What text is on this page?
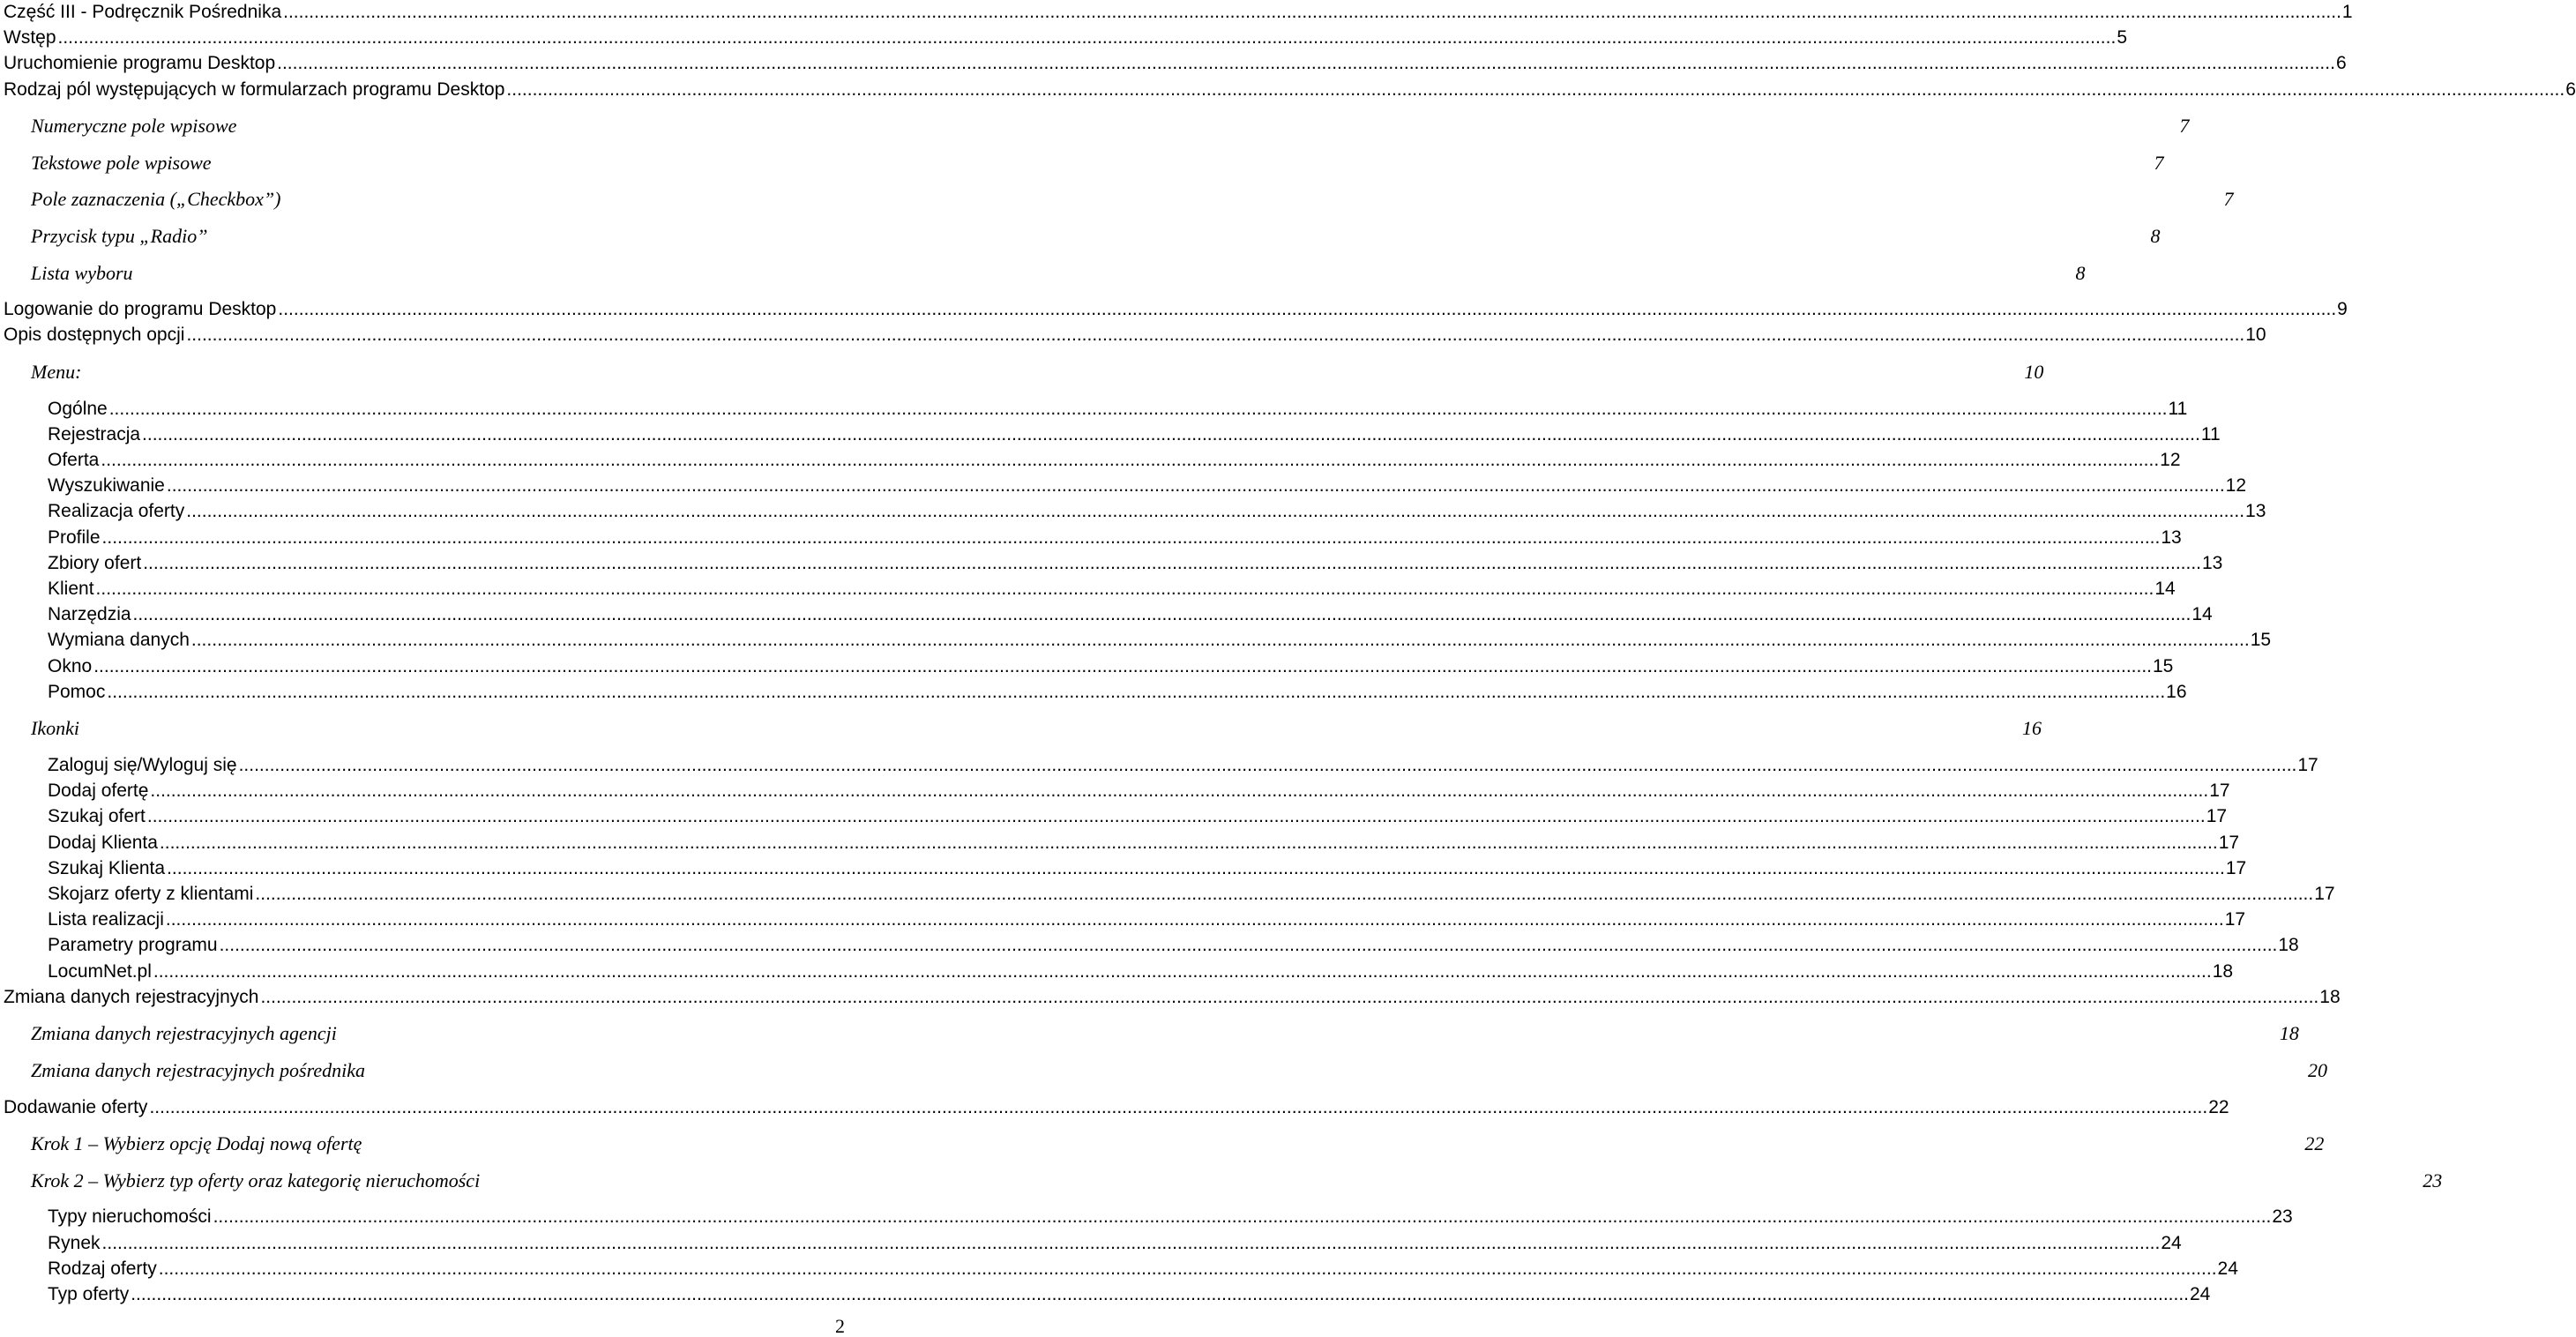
Część III - Podręcznik Pośrednika ................................................................................................................................................................................................................................................................................................................................................................................................................ 1
Wstęp ................................................................................................................................................................................................................................................................................................................................................................................................................ 5
Uruchomienie programu Desktop ................................................................................................................................................................................................................................................................................................................................................................................................................ 6
Rodzaj pól występujących w formularzach programu Desktop ................................................................................................................................................................................................................................................................................................................................................................................................................ 6
Numeryczne pole wpisowe	7
Tekstowe pole wpisowe	7
Pole zaznaczenia („Checkbox”)	7
Przycisk typu „Radio”	8
Lista wyboru	8
Logowanie do programu Desktop ................................................................................................................................................................................................................................................................................................................................................................................................................ 9
Opis dostępnych opcji ................................................................................................................................................................................................................................................................................................................................................................................................................ 10
Menu:	10
Ogólne ................................................................................................................................................................................................................................................................................................................................................................................................................ 11
Rejestracja ................................................................................................................................................................................................................................................................................................................................................................................................................ 11
Oferta ................................................................................................................................................................................................................................................................................................................................................................................................................ 12
Wyszukiwanie ................................................................................................................................................................................................................................................................................................................................................................................................................ 12
Realizacja oferty ................................................................................................................................................................................................................................................................................................................................................................................................................ 13
Profile ................................................................................................................................................................................................................................................................................................................................................................................................................ 13
Zbiory ofert ................................................................................................................................................................................................................................................................................................................................................................................................................ 13
Klient ................................................................................................................................................................................................................................................................................................................................................................................................................ 14
Narzędzia ................................................................................................................................................................................................................................................................................................................................................................................................................ 14
Wymiana danych ................................................................................................................................................................................................................................................................................................................................................................................................................ 15
Okno ................................................................................................................................................................................................................................................................................................................................................................................................................ 15
Pomoc ................................................................................................................................................................................................................................................................................................................................................................................................................ 16
Ikonki	16
Zaloguj się/Wyloguj się ................................................................................................................................................................................................................................................................................................................................................................................................................ 17
Dodaj ofertę ................................................................................................................................................................................................................................................................................................................................................................................................................ 17
Szukaj ofert ................................................................................................................................................................................................................................................................................................................................................................................................................ 17
Dodaj Klienta ................................................................................................................................................................................................................................................................................................................................................................................................................ 17
Szukaj Klienta ................................................................................................................................................................................................................................................................................................................................................................................................................ 17
Skojarz oferty z klientami ................................................................................................................................................................................................................................................................................................................................................................................................................ 17
Lista realizacji ................................................................................................................................................................................................................................................................................................................................................................................................................ 17
Parametry programu ................................................................................................................................................................................................................................................................................................................................................................................................................ 18
LocumNet.pl ................................................................................................................................................................................................................................................................................................................................................................................................................ 18
Zmiana danych rejestracyjnych ................................................................................................................................................................................................................................................................................................................................................................................................................ 18
Zmiana danych rejestracyjnych agencji	18
Zmiana danych rejestracyjnych pośrednika	20
Dodawanie oferty ................................................................................................................................................................................................................................................................................................................................................................................................................ 22
Krok 1 – Wybierz opcję Dodaj nową ofertę	22
Krok 2 – Wybierz typ oferty oraz kategorię nieruchomości	23
Typy nieruchomości ................................................................................................................................................................................................................................................................................................................................................................................................................ 23
Rynek ................................................................................................................................................................................................................................................................................................................................................................................................................ 24
Rodzaj oferty ................................................................................................................................................................................................................................................................................................................................................................................................................ 24
Typ oferty ................................................................................................................................................................................................................................................................................................................................................................................................................ 24
2
